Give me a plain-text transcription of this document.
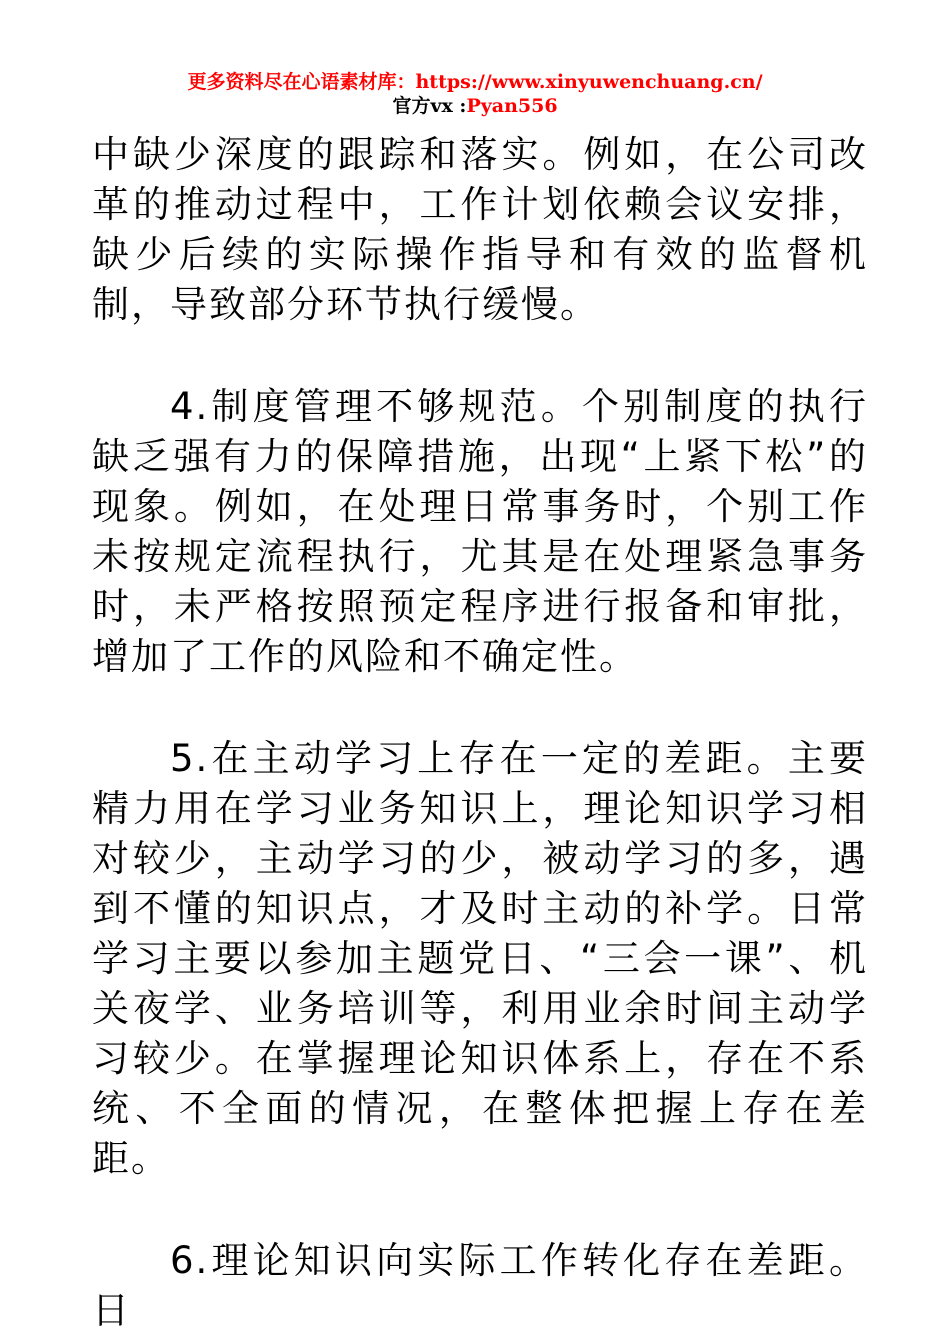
更多资料尽在心语素材库：https://www.xinyuwenchuang.cn/
官方vx :Pyan556

中缺少深度的跟踪和落实。例如，在公司改革的推动过程中，工作计划依赖会议安排，缺少后续的实际操作指导和有效的监督机制，导致部分环节执行缓慢。

4.制度管理不够规范。个别制度的执行缺乏强有力的保障措施，出现“上紧下松”的现象。例如，在处理日常事务时，个别工作未按规定流程执行，尤其是在处理紧急事务时，未严格按照预定程序进行报备和审批，增加了工作的风险和不确定性。

5.在主动学习上存在一定的差距。主要精力用在学习业务知识上，理论知识学习相对较少，主动学习的少，被动学习的多，遇到不懂的知识点，才及时主动的补学。日常学习主要以参加主题党日、“三会一课”、机关夜学、业务培训等，利用业余时间主动学习较少。在掌握理论知识体系上，存在不系统、不全面的情况，在整体把握上存在差距。

6.理论知识向实际工作转化存在差距。日
